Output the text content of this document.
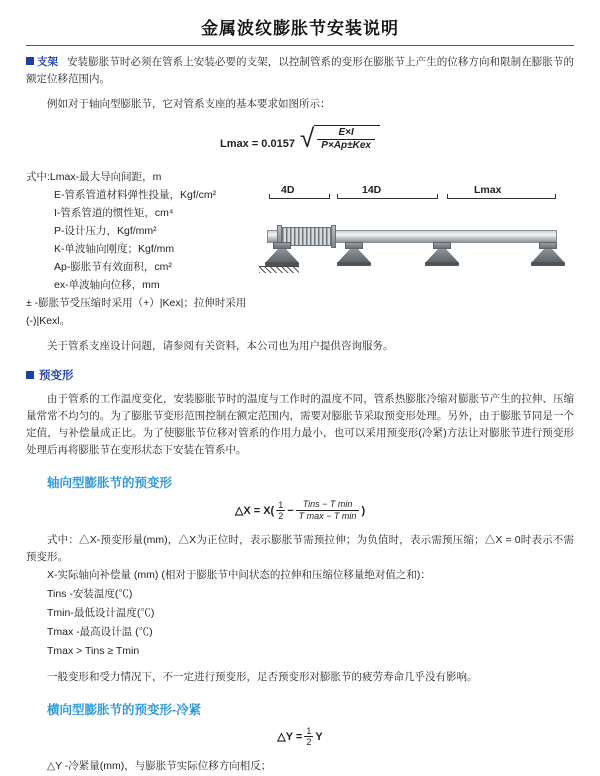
金属波纹膨胀节安装说明

支架 安装膨胀节时必须在管系上安装必要的支架，以控制管系的变形在膨胀节上产生的位移方向和限制在膨胀节的额定位移范围内。

例如对于轴向型膨胀节，它对管系支座的基本要求如图所示：

Lmax = 0.0157 √ $\frac{E\times I}{\text{P×Ap±Kex}}$
式中:Lmax-最大导向间距，m
E-管系管道材料弹性投量，Kgf/cm²
I-管系管道的惯性矩，cm⁴
P-设计压力，Kgf/mm²
K-单波轴向刚度；Kgf/mm
Ap-膨胀节有效面积，cm²
ex-单波轴向位移，mm
± -膨胀节受压缩时采用（+）|Kex|；拉伸时采用(-)|Kexl。
4D	14D	Lmax

关于管系支座设计问题，请参阅有关资料，本公司也为用户提供咨询服务。

预变形

由于管系的工作温度变化，安装膨胀节时的温度与工作时的温度不同，管系热膨胀冷缩对膨胀节产生的拉伸、压缩量常常不均匀的。为了膨胀节变形范围控制在额定范围内，需要对膨胀节采取预变形处理。另外，由于膨胀节同是一个定值，与补偿量成正比。为了使膨胀节位移对管系的作用力最小，也可以采用预变形(冷紧)方法让对膨胀节进行预变形处理后再将膨胀节在变形状态下安装在管系中。

轴向型膨胀节的预变形
△X = $X( \frac{1}{2}$ −
Tins − T min
T max − T min )

式中：△X-预变形量(mm)，△X为正位时，表示膨胀节需预拉伸；为负值时，表示需预压缩；△X = 0时表示不需预变形。

X-实际轴向补偿量 (mm) (相对于膨胀节中间状态的拉伸和压缩位移量绝对值之和)：
Tins -安装温度(℃)
Tmin-最低设计温度(℃)
Tmax -最高设计温 (℃)
Tmax > Tins ≥ Tmin

一般变形和受力情况下，不一定进行预变形，足否预变形对膨胀节的疲劳寿命几乎没有影响。

横向型膨胀节的预变形-冷紧
△Y = $\frac{1}{2}$ Y
△Y -冷紧量(mm)，与膨胀节实际位移方向相反；
